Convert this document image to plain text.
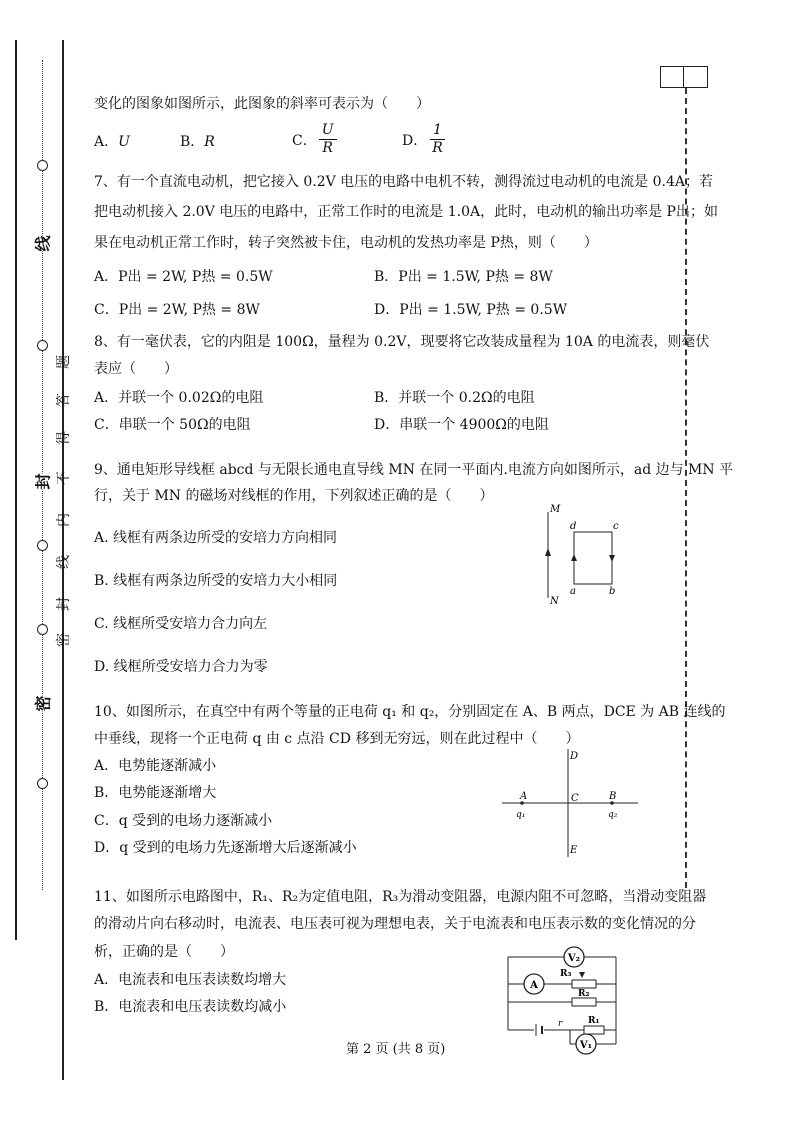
线
题
答
得
不
封
内
线
封
密
密
变化的图象如图所示，此图象的斜率可表示为（　　）
A．U	B．R	C． $\frac{U}{R}$	D． $\frac{1}{R}$
7、有一个直流电动机，把它接入 0.2V 电压的电路中电机不转，测得流过电动机的电流是 0.4A；若
把电动机接入 2.0V 电压的电路中，正常工作时的电流是 1.0A，此时，电动机的输出功率是 P出；如
果在电动机正常工作时，转子突然被卡住，电动机的发热功率是 P热，则（　　）
A．P出 = 2W, P热 = 0.5W	B．P出 = 1.5W, P热 = 8W
C．P出 = 2W, P热 = 8W	D．P出 = 1.5W, P热 = 0.5W
8、有一毫伏表，它的内阻是 100Ω，量程为 0.2V，现要将它改装成量程为 10A 的电流表，则毫伏
表应（　　）
A．并联一个 0.02Ω的电阻	B．并联一个 0.2Ω的电阻
C．串联一个 50Ω的电阻	D．串联一个 4900Ω的电阻
9、通电矩形导线框 abcd 与无限长通电直导线 MN 在同一平面内.电流方向如图所示，ad 边与 MN 平
行，关于 MN 的磁场对线框的作用，下列叙述正确的是（　　）
A. 线框有两条边所受的安培力方向相同
B. 线框有两条边所受的安培力大小相同
C. 线框所受安培力合力向左
D. 线框所受安培力合力为零
M
N
d	c
a	b
10、如图所示，在真空中有两个等量的正电荷 q₁ 和 q₂，分别固定在 A、B 两点，DCE 为 AB 连线的
中垂线，现将一个正电荷 q 由 c 点沿 CD 移到无穷远，则在此过程中（　　）
A．电势能逐渐减小
B．电势能逐渐增大
C．q 受到的电场力逐渐减小
D．q 受到的电场力先逐渐增大后逐渐减小
D
A	C	B
q₁	q₂
E
11、如图所示电路图中，R₁、R₂为定值电阻，R₃为滑动变阻器，电源内阻不可忽略，当滑动变阻器
的滑动片向右移动时，电流表、电压表可视为理想电表，关于电流表和电压表示数的变化情况的分
析，正确的是（　　）
A．电流表和电压表读数均增大
B．电流表和电压表读数均减小
V₂
A
R₃
R₂
r	R₁
V₁
第 2 页 (共 8 页)
